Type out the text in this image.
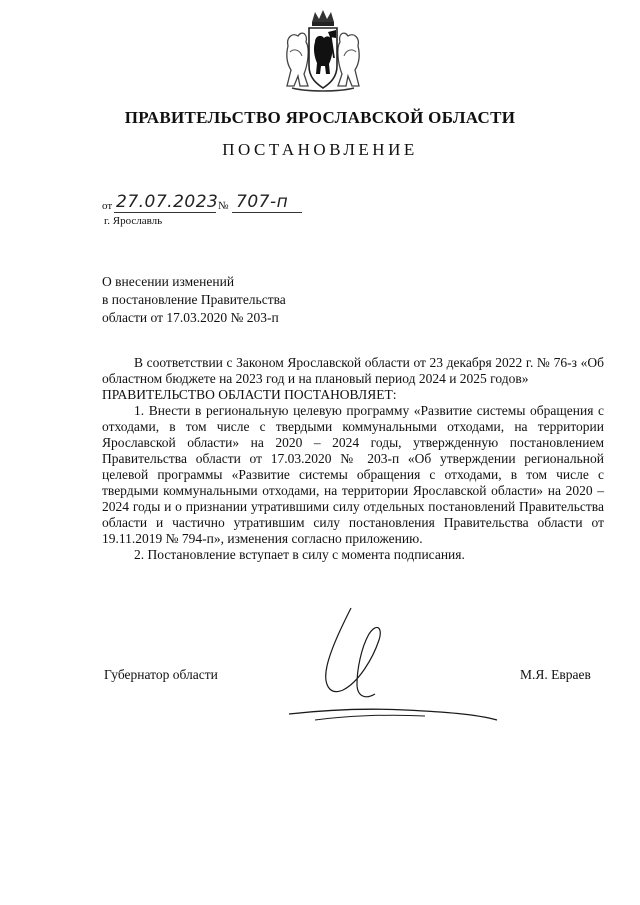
ПРАВИТЕЛЬСТВО ЯРОСЛАВСКОЙ ОБЛАСТИ
ПОСТАНОВЛЕНИЕ
от 27.07.2023 № 707-п
г. Ярославль
О внесении изменений
в постановление Правительства
области от 17.03.2020 № 203-п

В соответствии с Законом Ярославской области от 23 декабря 2022 г. № 76-з «Об областном бюджете на 2023 год и на плановый период 2024 и 2025 годов»

ПРАВИТЕЛЬСТВО ОБЛАСТИ ПОСТАНОВЛЯЕТ:

1. Внести в региональную целевую программу «Развитие системы обращения с отходами, в том числе с твердыми коммунальными отходами, на территории Ярославской области» на 2020 – 2024 годы, утвержденную постановлением Правительства области от 17.03.2020 № 203-п «Об утверждении региональной целевой программы «Развитие системы обращения с отходами, в том числе с твердыми коммунальными отходами, на территории Ярославской области» на 2020 – 2024 годы и о признании утратившими силу отдельных постановлений Правительства области и частично утратившим силу постановления Правительства области от 19.11.2019 № 794-п», изменения согласно приложению.

2. Постановление вступает в силу с момента подписания.

Губернатор области	М.Я. Евраев
